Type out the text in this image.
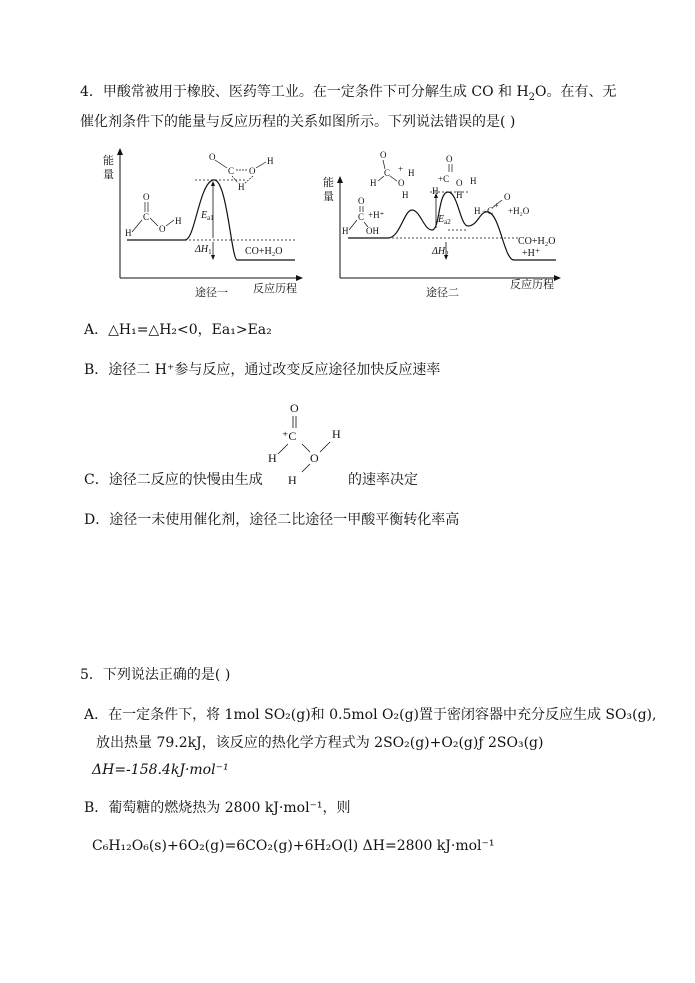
4．甲酸常被用于橡胶、医药等工业。在一定条件下可分解生成 CO 和 $H_2O$。在有、无
催化剂条件下的能量与反应历程的关系如图所示。下列说法错误的是( )
能
量
反应历程
途径一
$E_{a1}$
$\Delta H_1$	CO+H₂O
H
C
O
O
H
O
C O
H
H	能
量
反应历程
途径二
$E_{a2}$
$\Delta H_2$
+H⁺
CO+H₂O
+H⁺
H
C
O
OH
O
H
C
O
+ H
H
O
+C
H
O H
H
H −C
O
+H₂O
+
A．△H₁=△H₂<0，Ea₁>Ea₂
B．途径二 H⁺参与反应，通过改变反应途径加快反应速率
O
⁺C
H	O
H
H
C．途径二反应的快慢由生成	的速率决定
D．途径一未使用催化剂，途径二比途径一甲酸平衡转化率高
5．下列说法正确的是( )
A．在一定条件下，将 1mol SO₂(g)和 0.5mol O₂(g)置于密闭容器中充分反应生成 SO₃(g),
放出热量 79.2kJ，该反应的热化学方程式为 2SO₂(g)+O₂(g)ƒ 2SO₃(g)
ΔH=-158.4kJ·mol⁻¹
B．葡萄糖的燃烧热为 2800 kJ·mol⁻¹，则
C₆H₁₂O₆(s)+6O₂(g)=6CO₂(g)+6H₂O(l) ΔH=2800 kJ·mol⁻¹
